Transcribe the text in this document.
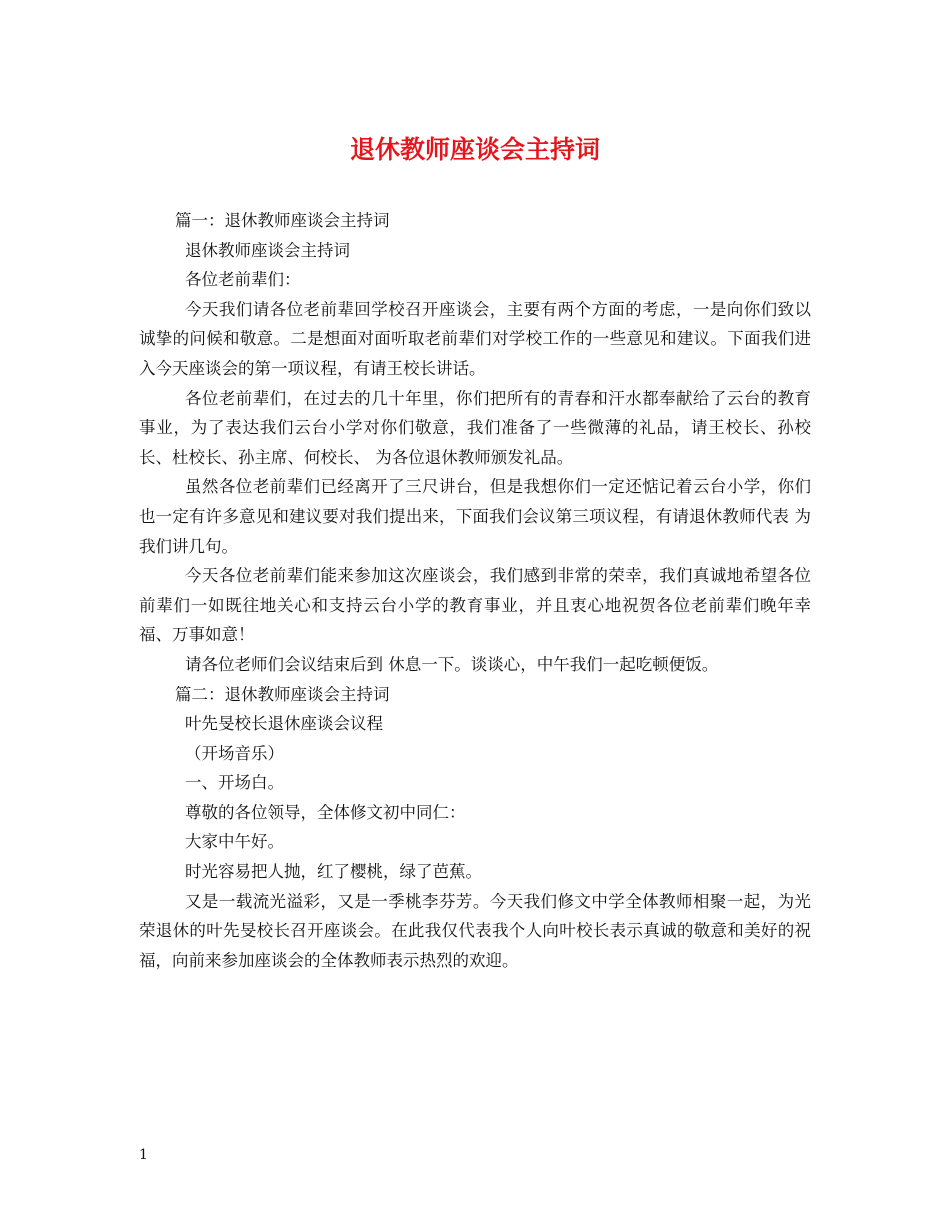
退休教师座谈会主持词

篇一：退休教师座谈会主持词

退休教师座谈会主持词

各位老前辈们：

今天我们请各位老前辈回学校召开座谈会，主要有两个方面的考虑，一是向你们致以诚挚的问候和敬意。二是想面对面听取老前辈们对学校工作的一些意见和建议。下面我们进入今天座谈会的第一项议程，有请王校长讲话。

各位老前辈们，在过去的几十年里，你们把所有的青春和汗水都奉献给了云台的教育事业，为了表达我们云台小学对你们敬意，我们准备了一些微薄的礼品，请王校长、孙校长、杜校长、孙主席、何校长、 为各位退休教师颁发礼品。

虽然各位老前辈们已经离开了三尺讲台，但是我想你们一定还惦记着云台小学，你们也一定有许多意见和建议要对我们提出来，下面我们会议第三项议程，有请退休教师代表 为我们讲几句。

今天各位老前辈们能来参加这次座谈会，我们感到非常的荣幸，我们真诚地希望各位前辈们一如既往地关心和支持云台小学的教育事业，并且衷心地祝贺各位老前辈们晚年幸福、万事如意！

请各位老师们会议结束后到 休息一下。谈谈心，中午我们一起吃顿便饭。

篇二：退休教师座谈会主持词

叶先旻校长退休座谈会议程

（开场音乐）

一、开场白。

尊敬的各位领导，全体修文初中同仁：

大家中午好。

时光容易把人抛，红了樱桃，绿了芭蕉。

又是一载流光溢彩，又是一季桃李芬芳。今天我们修文中学全体教师相聚一起，为光荣退休的叶先旻校长召开座谈会。在此我仅代表我个人向叶校长表示真诚的敬意和美好的祝福，向前来参加座谈会的全体教师表示热烈的欢迎。

1
